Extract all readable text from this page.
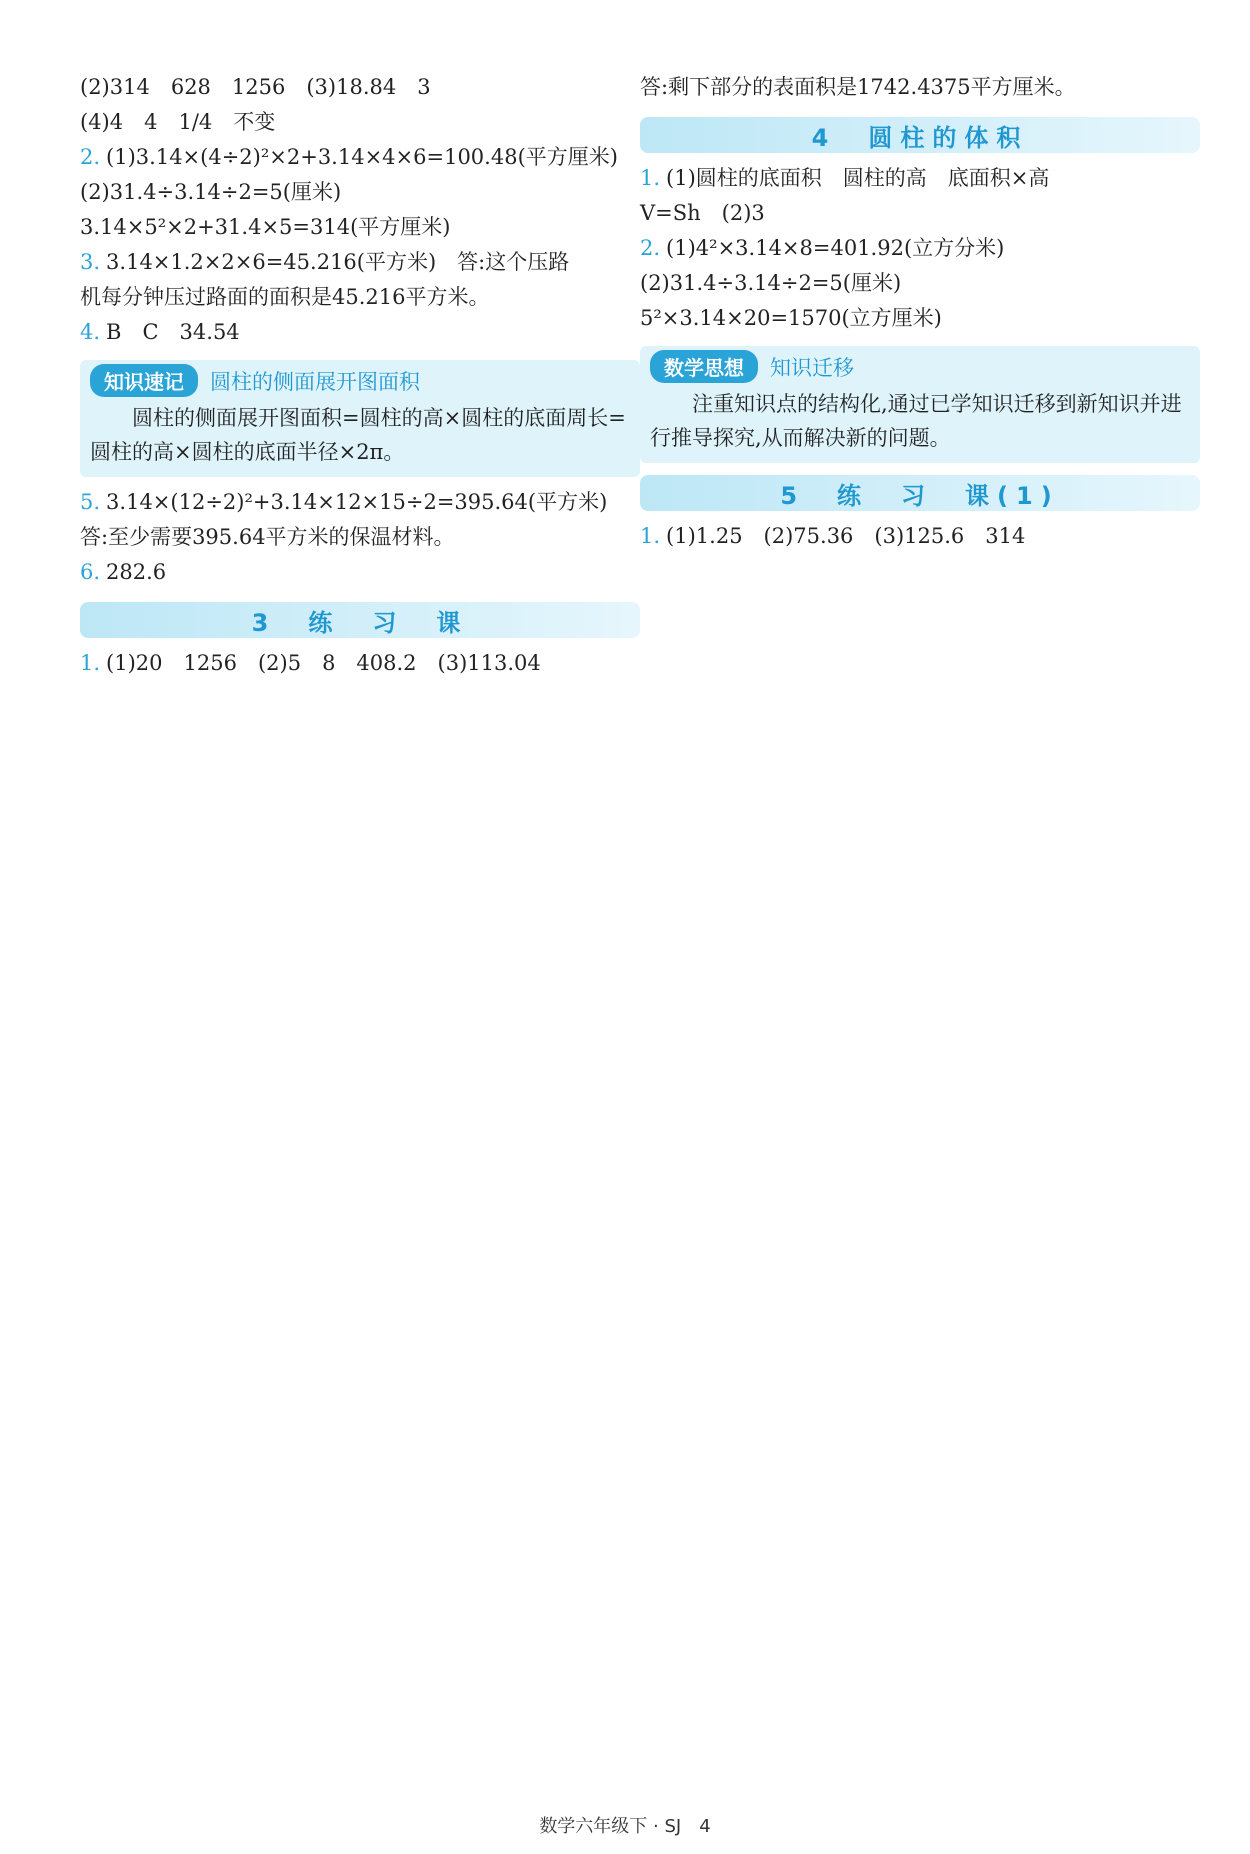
(2)314　628　1256　(3)18.84　3
(4)4　4　1/4　不变
2. (1)3.14×(4÷2)²×2+3.14×4×6=100.48(平方厘米)
(2)31.4÷3.14÷2=5(厘米)
3.14×5²×2+31.4×5=314(平方厘米)
3. 3.14×1.2×2×6=45.216(平方米)　答:这个压路
机每分钟压过路面的面积是45.216平方米。
4. B　C　34.54
知识速记	圆柱的侧面展开图面积
圆柱的侧面展开图面积=圆柱的高×圆柱的底面周长=圆柱的高×圆柱的底面半径×2π。
5. 3.14×(12÷2)²+3.14×12×15÷2=395.64(平方米)
答:至少需要395.64平方米的保温材料。
6. 282.6
3　练　习　课
1. (1)20　1256　(2)5　8　408.2　(3)113.04
答:剩下部分的表面积是1742.4375平方厘米。
4　圆柱的体积
1. (1)圆柱的底面积　圆柱的高　底面积×高
V=Sh　(2)3
2. (1)4²×3.14×8=401.92(立方分米)
(2)31.4÷3.14÷2=5(厘米)
5²×3.14×20=1570(立方厘米)
数学思想	知识迁移
注重知识点的结构化,通过已学知识迁移到新知识并进行推导探究,从而解决新的问题。
5　练　习　课(1)
1. (1)1.25　(2)75.36　(3)125.6　314
数学六年级下 · SJ　4
